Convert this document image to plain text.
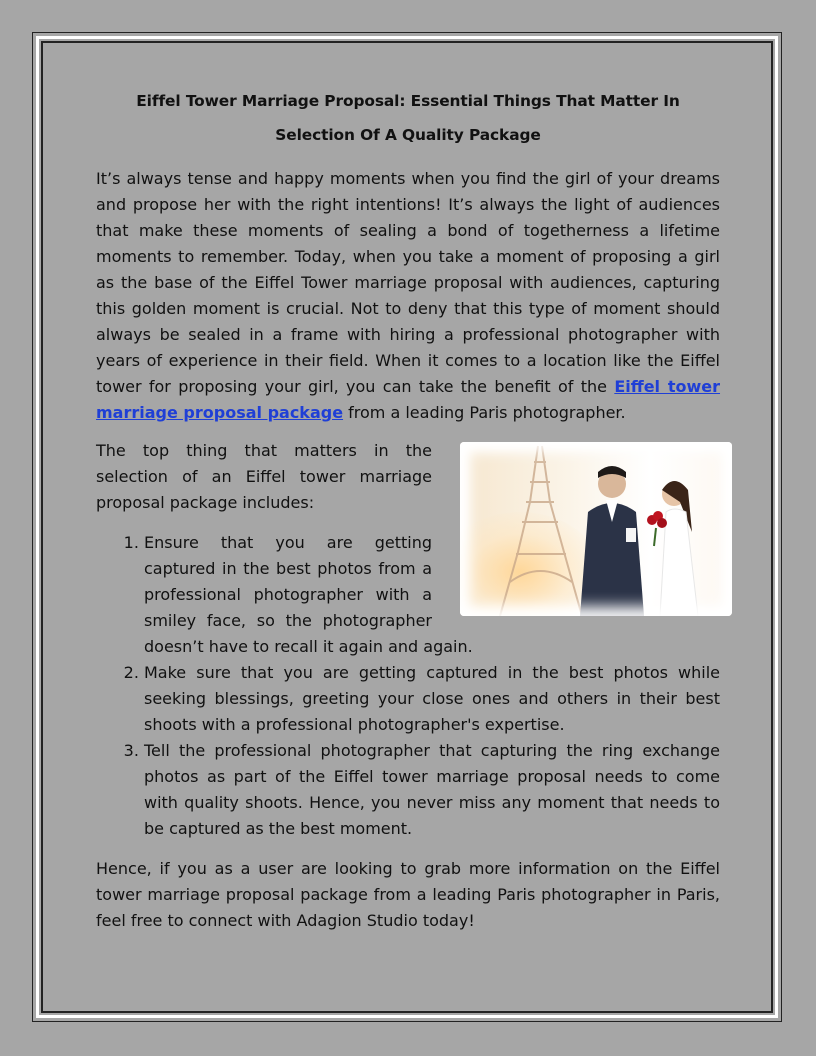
Eiffel Tower Marriage Proposal: Essential Things That Matter In Selection Of A Quality Package

It’s always tense and happy moments when you find the girl of your dreams and propose her with the right intentions! It’s always the light of audiences that make these moments of sealing a bond of togetherness a lifetime moments to remember. Today, when you take a moment of proposing a girl as the base of the Eiffel Tower marriage proposal with audiences, capturing this golden moment is crucial. Not to deny that this type of moment should always be sealed in a frame with hiring a professional photographer with years of experience in their field. When it comes to a location like the Eiffel tower for proposing your girl, you can take the benefit of the Eiffel tower marriage proposal package from a leading Paris photographer.

The top thing that matters in the selection of an Eiffel tower marriage proposal package includes:

1. Ensure that you are getting captured in the best photos from a professional photographer with a smiley face, so the photographer doesn’t have to recall it again and again.
2. Make sure that you are getting captured in the best photos while seeking blessings, greeting your close ones and others in their best shoots with a professional photographer's expertise.
3. Tell the professional photographer that capturing the ring exchange photos as part of the Eiffel tower marriage proposal needs to come with quality shoots. Hence, you never miss any moment that needs to be captured as the best moment.

Hence, if you as a user are looking to grab more information on the Eiffel tower marriage proposal package from a leading Paris photographer in Paris, feel free to connect with Adagion Studio today!
